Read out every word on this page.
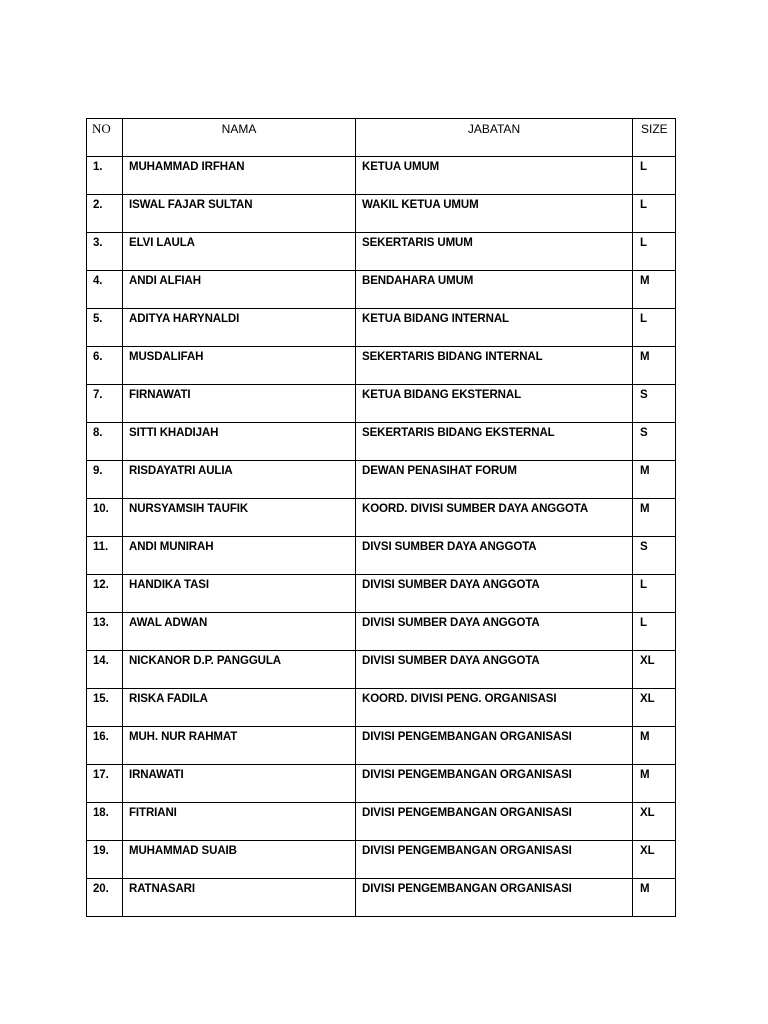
NO	NAMA	JABATAN	SIZE
1.	MUHAMMAD IRFHAN	KETUA UMUM	L
2.	ISWAL FAJAR SULTAN	WAKIL KETUA UMUM	L
3.	ELVI LAULA	SEKERTARIS UMUM	L
4.	ANDI ALFIAH	BENDAHARA UMUM	M
5.	ADITYA HARYNALDI	KETUA BIDANG INTERNAL	L
6.	MUSDALIFAH	SEKERTARIS BIDANG INTERNAL	M
7.	FIRNAWATI	KETUA BIDANG EKSTERNAL	S
8.	SITTI KHADIJAH	SEKERTARIS BIDANG EKSTERNAL	S
9.	RISDAYATRI AULIA	DEWAN PENASIHAT FORUM	M
10.	NURSYAMSIH TAUFIK	KOORD. DIVISI SUMBER DAYA ANGGOTA	M
11.	ANDI MUNIRAH	DIVSI SUMBER DAYA ANGGOTA	S
12.	HANDIKA TASI	DIVISI SUMBER DAYA ANGGOTA	L
13.	AWAL ADWAN	DIVISI SUMBER DAYA ANGGOTA	L
14.	NICKANOR D.P. PANGGULA	DIVISI SUMBER DAYA ANGGOTA	XL
15.	RISKA FADILA	KOORD. DIVISI PENG. ORGANISASI	XL
16.	MUH. NUR RAHMAT	DIVISI PENGEMBANGAN ORGANISASI	M
17.	IRNAWATI	DIVISI PENGEMBANGAN ORGANISASI	M
18.	FITRIANI	DIVISI PENGEMBANGAN ORGANISASI	XL
19.	MUHAMMAD SUAIB	DIVISI PENGEMBANGAN ORGANISASI	XL
20.	RATNASARI	DIVISI PENGEMBANGAN ORGANISASI	M
